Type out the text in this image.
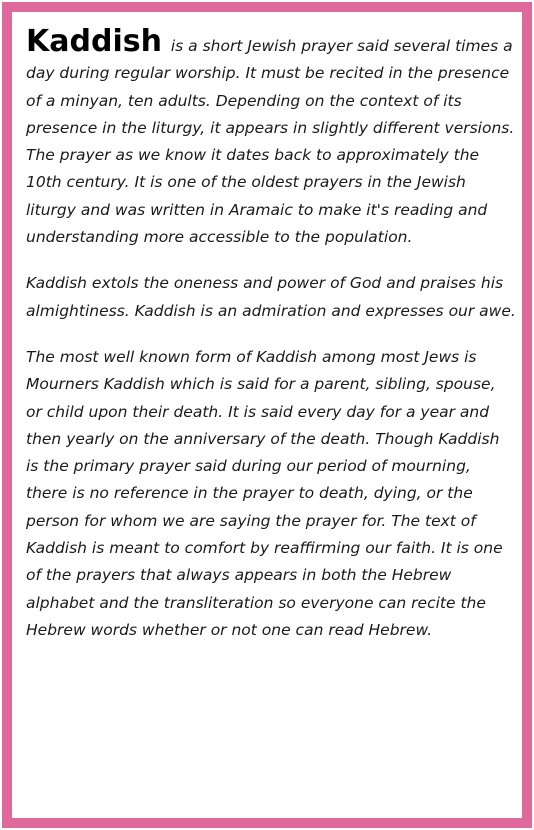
Kaddish is a short Jewish prayer said several times a day during regular worship. It must be recited in the presence of a minyan, ten adults. Depending on the context of its presence in the liturgy, it appears in slightly different versions. The prayer as we know it dates back to approximately the 10th century. It is one of the oldest prayers in the Jewish liturgy and was written in Aramaic to make it's reading and understanding more accessible to the population.

Kaddish extols the oneness and power of God and praises his almightiness. Kaddish is an admiration and expresses our awe.

The most well known form of Kaddish among most Jews is Mourners Kaddish which is said for a parent, sibling, spouse, or child upon their death. It is said every day for a year and then yearly on the anniversary of the death. Though Kaddish is the primary prayer said during our period of mourning, there is no reference in the prayer to death, dying, or the person for whom we are saying the prayer for. The text of Kaddish is meant to comfort by reaffirming our faith. It is one of the prayers that always appears in both the Hebrew alphabet and the transliteration so everyone can recite the Hebrew words whether or not one can read Hebrew.
